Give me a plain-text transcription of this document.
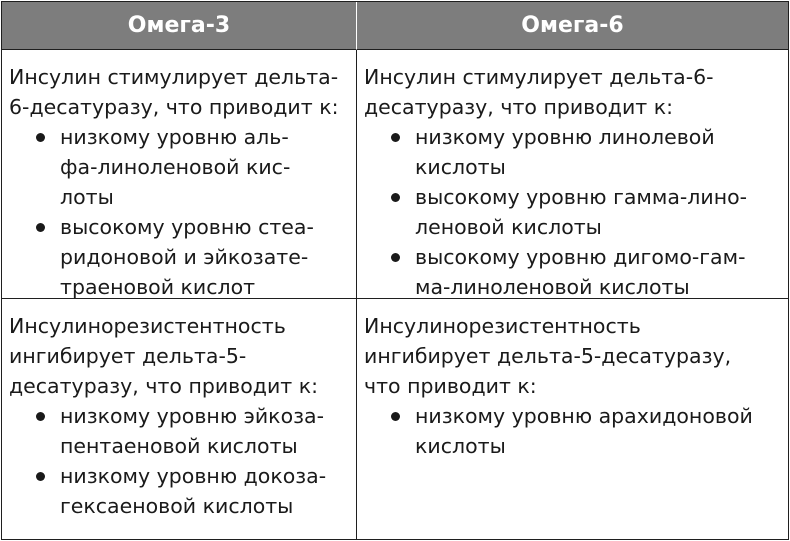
Омега-3	Омега-6
Инсулин стимулирует дельта-
6-десатуразу, что приводит к:
низкому уровню аль-
фа-линоленовой кис-
лоты
высокому уровню стеа-
ридоновой и эйкозате-
траеновой кислот
Инсулин стимулирует дельта-6-
десатуразу, что приводит к:
низкому уровню линолевой
кислоты
высокому уровню гамма-лино-
леновой кислоты
высокому уровню дигомо-гам-
ма-линоленовой кислоты
Инсулинорезистентность
ингибирует дельта-5-
десатуразу, что приводит к:
низкому уровню эйкоза-
пентаеновой кислоты
низкому уровню докоза-
гексаеновой кислоты
Инсулинорезистентность
ингибирует дельта-5-десатуразу,
что приводит к:
низкому уровню арахидоновой
кислоты
